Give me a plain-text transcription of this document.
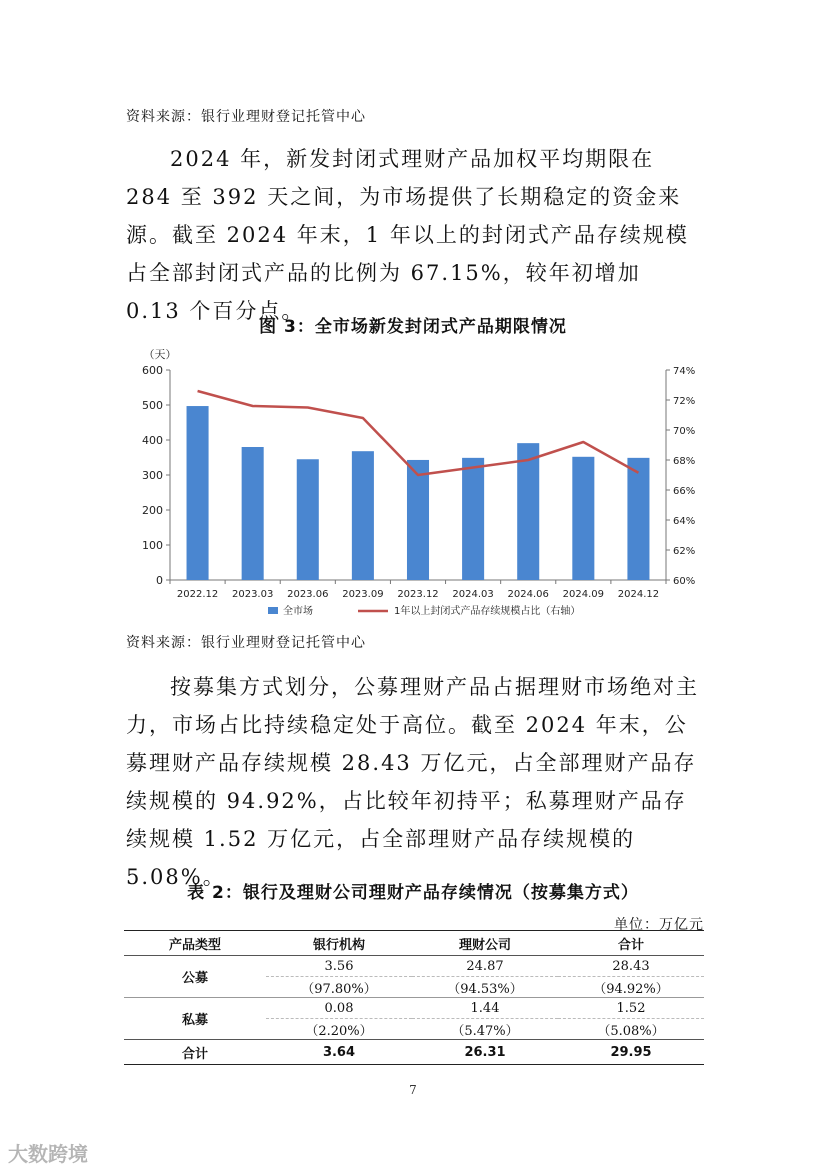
资料来源：银行业理财登记托管中心

2024 年，新发封闭式理财产品加权平均期限在 284 至 392 天之间，为市场提供了长期稳定的资金来源。截至 2024 年末，1 年以上的封闭式产品存续规模占全部封闭式产品的比例为 67.15%，较年初增加 0.13 个百分点。

图 3：全市场新发封闭式产品期限情况
0
100
200
300
400
500
600
60%
62%
64%
66%
68%
70%
72%
74%
（天）
2022.12 2023.03 2023.06 2023.09 2023.12 2024.03 2024.06 2024.09 2024.12
全市场	1年以上封闭式产品存续规模占比（右轴）
资料来源：银行业理财登记托管中心

按募集方式划分，公募理财产品占据理财市场绝对主力，市场占比持续稳定处于高位。截至 2024 年末，公募理财产品存续规模 28.43 万亿元，占全部理财产品存续规模的 94.92%，占比较年初持平；私募理财产品存续规模 1.52 万亿元，占全部理财产品存续规模的 5.08%。

表 2：银行及理财公司理财产品存续情况（按募集方式）
单位：万亿元
产品类型	银行机构	理财公司	合计
公募	3.56	24.87	28.43
	（97.80%）	（94.53%）	（94.92%）
私募	0.08	1.44	1.52
	（2.20%）	（5.47%）	（5.08%）
合计	3.64	26.31	29.95
7
大数跨境
